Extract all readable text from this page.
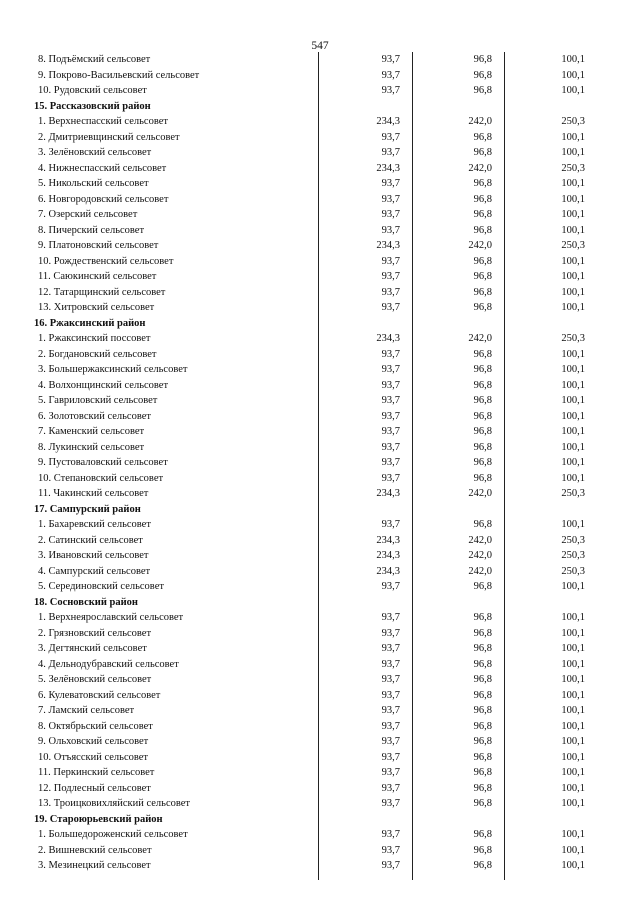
547
8. Подъёмский сельсовет	93,7	96,8	100,1
9. Покрово-Васильевский сельсовет	93,7	96,8	100,1
10. Рудовский сельсовет	93,7	96,8	100,1
15. Рассказовский район
1. Верхнеспасский сельсовет	234,3	242,0	250,3
2. Дмитриевщинский сельсовет	93,7	96,8	100,1
3. Зелёновский сельсовет	93,7	96,8	100,1
4. Нижнеспасский сельсовет	234,3	242,0	250,3
5. Никольский сельсовет	93,7	96,8	100,1
6. Новгородовский сельсовет	93,7	96,8	100,1
7. Озерский сельсовет	93,7	96,8	100,1
8. Пичерский сельсовет	93,7	96,8	100,1
9. Платоновский сельсовет	234,3	242,0	250,3
10. Рождественский сельсовет	93,7	96,8	100,1
11. Саюкинский сельсовет	93,7	96,8	100,1
12. Татарщинский сельсовет	93,7	96,8	100,1
13. Хитровский сельсовет	93,7	96,8	100,1
16. Ржаксинский район
1. Ржаксинский поссовет	234,3	242,0	250,3
2. Богдановский сельсовет	93,7	96,8	100,1
3. Большержаксинский сельсовет	93,7	96,8	100,1
4. Волхонщинский сельсовет	93,7	96,8	100,1
5. Гавриловский сельсовет	93,7	96,8	100,1
6. Золотовский сельсовет	93,7	96,8	100,1
7. Каменский сельсовет	93,7	96,8	100,1
8. Лукинский сельсовет	93,7	96,8	100,1
9. Пустоваловский сельсовет	93,7	96,8	100,1
10. Степановский сельсовет	93,7	96,8	100,1
11. Чакинский сельсовет	234,3	242,0	250,3
17. Сампурский район
1. Бахаревский сельсовет	93,7	96,8	100,1
2. Сатинский сельсовет	234,3	242,0	250,3
3. Ивановский сельсовет	234,3	242,0	250,3
4. Сампурский сельсовет	234,3	242,0	250,3
5. Серединовский сельсовет	93,7	96,8	100,1
18. Сосновский район
1. Верхнеярославский сельсовет	93,7	96,8	100,1
2. Грязновский сельсовет	93,7	96,8	100,1
3. Дегтянский сельсовет	93,7	96,8	100,1
4. Дельнодубравский сельсовет	93,7	96,8	100,1
5. Зелёновский сельсовет	93,7	96,8	100,1
6. Кулеватовский сельсовет	93,7	96,8	100,1
7. Ламский сельсовет	93,7	96,8	100,1
8. Октябрьский сельсовет	93,7	96,8	100,1
9. Ольховский сельсовет	93,7	96,8	100,1
10. Отъясский сельсовет	93,7	96,8	100,1
11. Перкинский сельсовет	93,7	96,8	100,1
12. Подлесный сельсовет	93,7	96,8	100,1
13. Троицковихляйский сельсовет	93,7	96,8	100,1
19. Староюрьевский район
1. Большедороженский сельсовет	93,7	96,8	100,1
2. Вишневский сельсовет	93,7	96,8	100,1
3. Мезинецкий сельсовет	93,7	96,8	100,1
